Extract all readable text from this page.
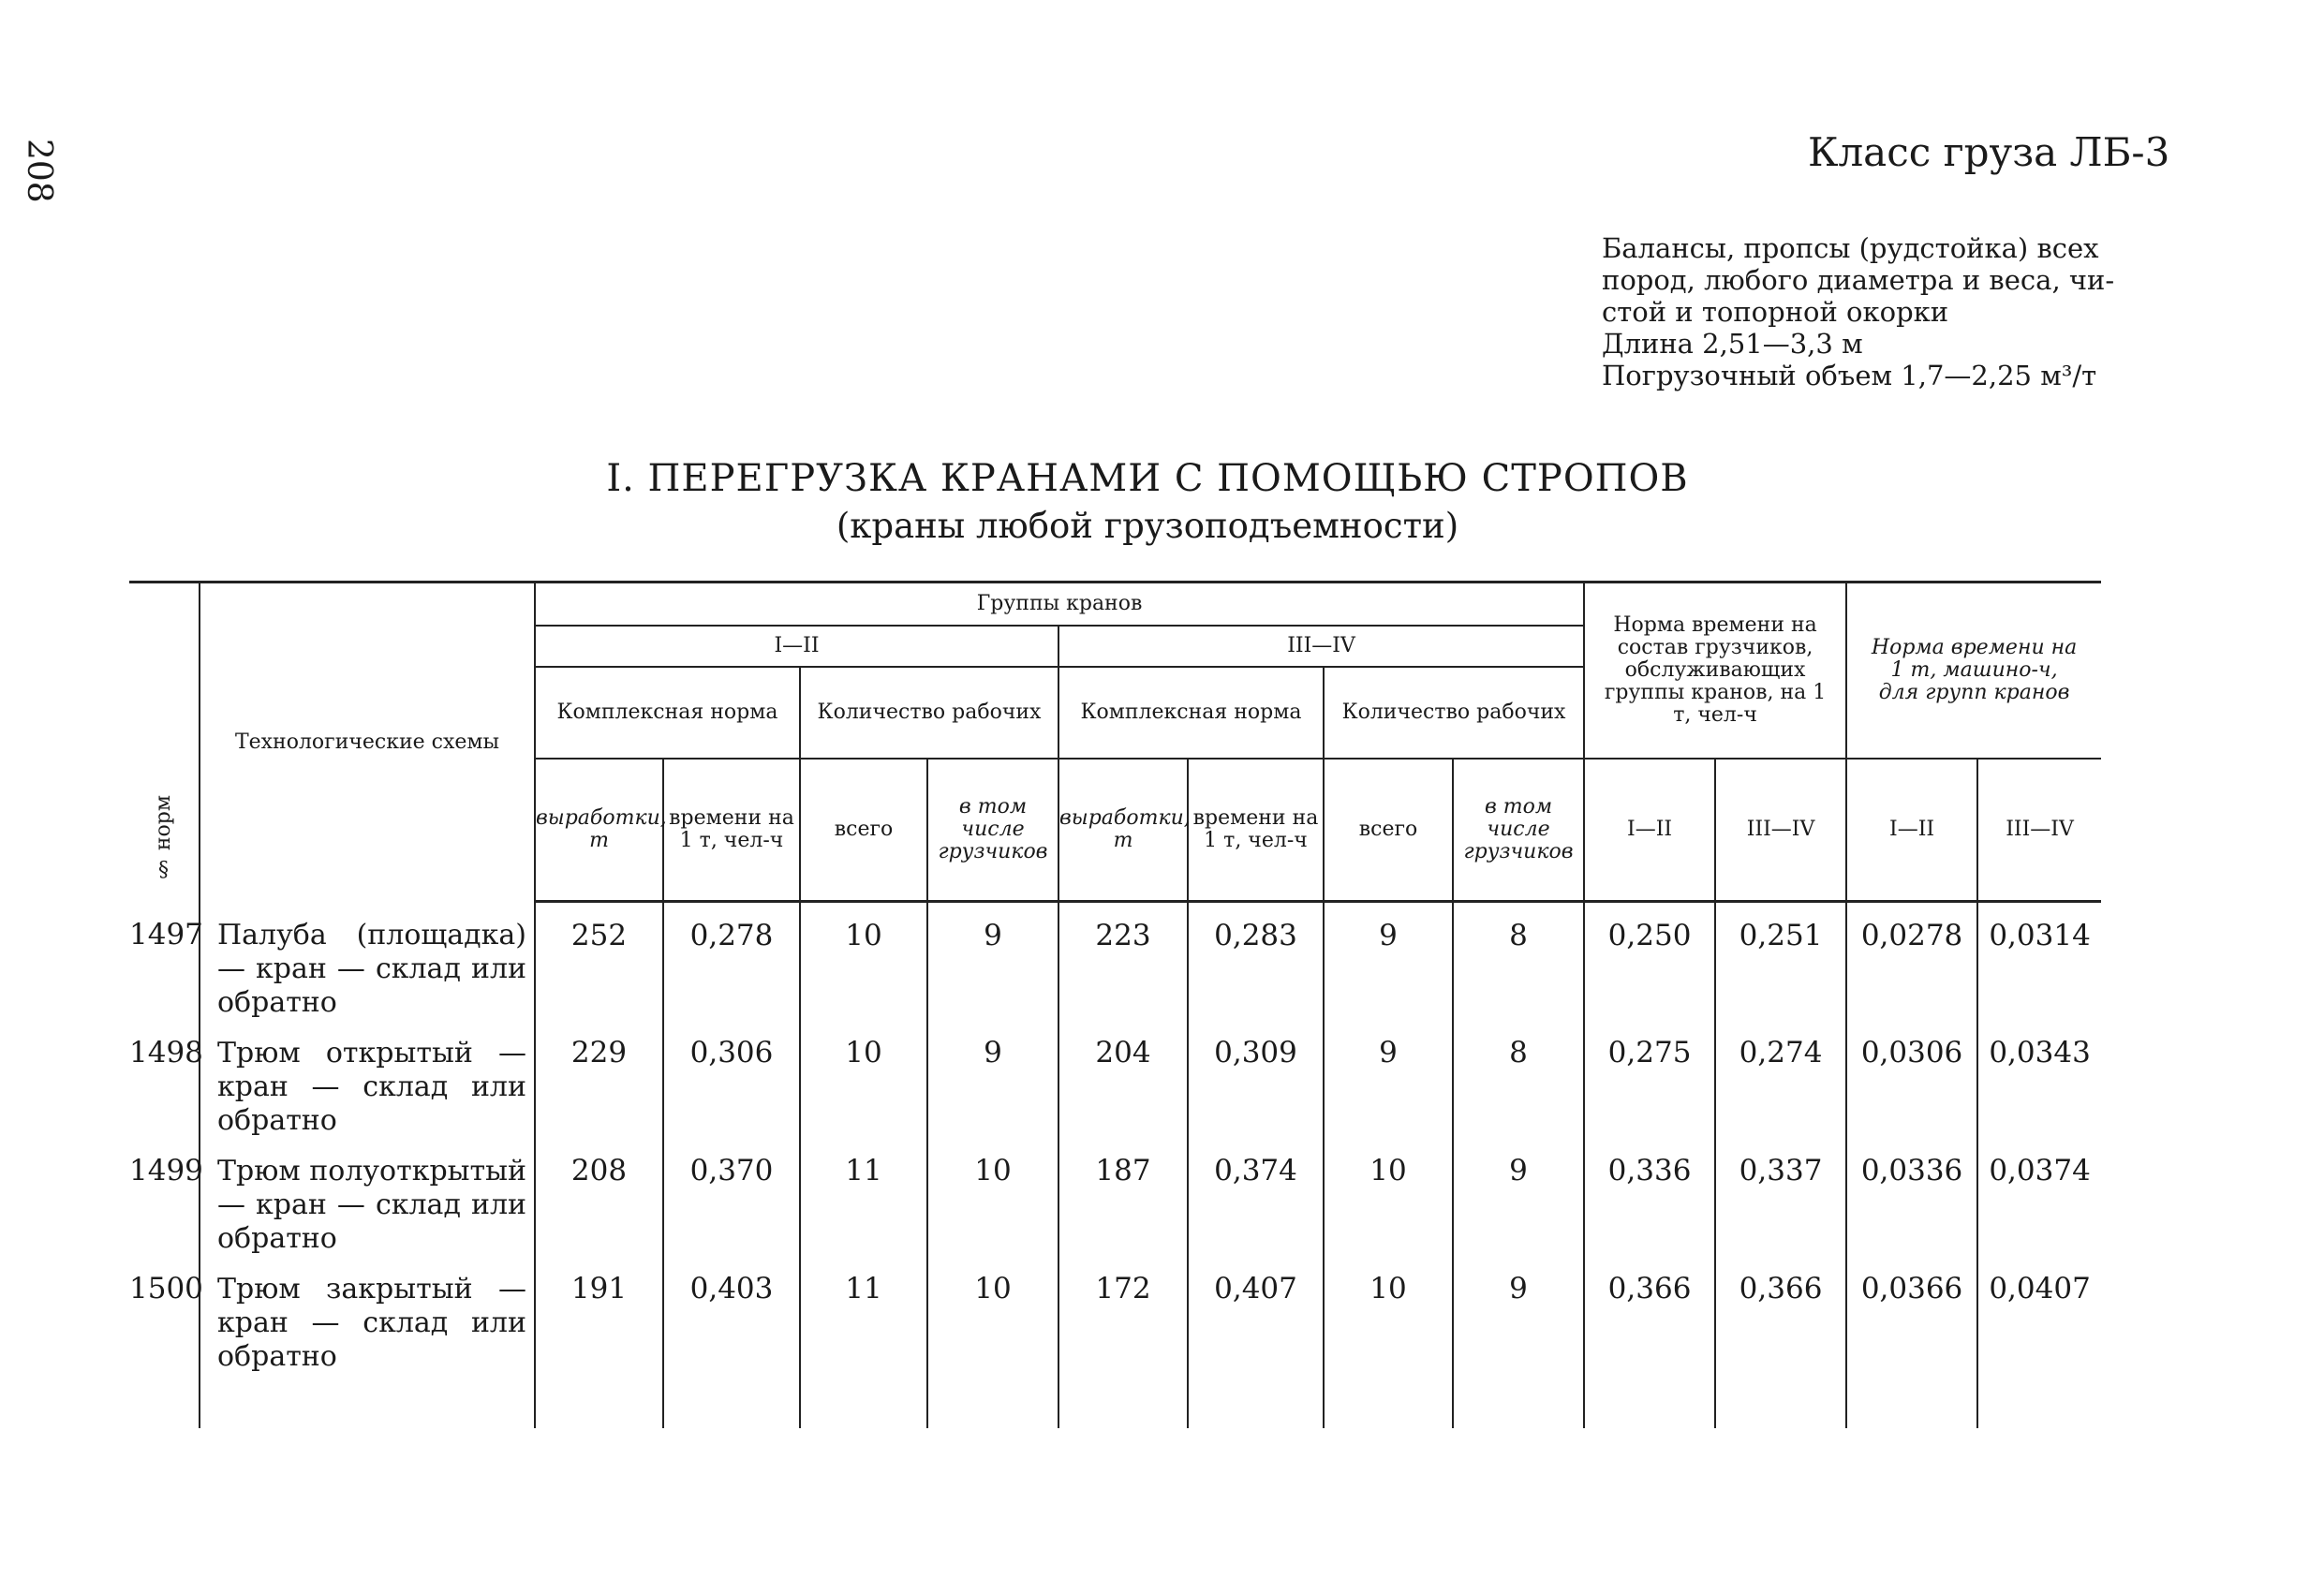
208	Класс груза ЛБ-3
Балансы, пропсы (рудстойка) всех
пород, любого диаметра и веса, чи-
стой и топорной окорки
Длина 2,51—3,3 м
Погрузочный объем 1,7—2,25 м³/т
I. ПЕРЕГРУЗКА КРАНАМИ С ПОМОЩЬЮ СТРОПОВ
(краны любой грузоподъемности)
§ норм	Технологические схемы	Группы кранов								Норма времени на состав грузчиков, обслуживающих группы кранов, на 1 т, чел-ч		Норма времени на 1 т, машино-ч, для групп кранов	
		I—II				III—IV							
		Комплексная норма		Количество рабочих		Комплексная норма		Количество рабочих					
		выработки, т	времени на 1 т, чел-ч	всего	в том числе грузчиков	выработки, т	времени на 1 т, чел-ч	всего	в том числе грузчиков	I—II	III—IV	I—II	III—IV
1497	Палуба (площадка) — кран — склад или обратно	252	0,278	10	9	223	0,283	9	8	0,250	0,251	0,0278	0,0314
1498	Трюм открытый — кран — склад или обратно	229	0,306	10	9	204	0,309	9	8	0,275	0,274	0,0306	0,0343
1499	Трюм полуоткрытый — кран — склад или обратно	208	0,370	11	10	187	0,374	10	9	0,336	0,337	0,0336	0,0374
1500	Трюм закрытый — кран — склад или обратно	191	0,403	11	10	172	0,407	10	9	0,366	0,366	0,0366	0,0407
